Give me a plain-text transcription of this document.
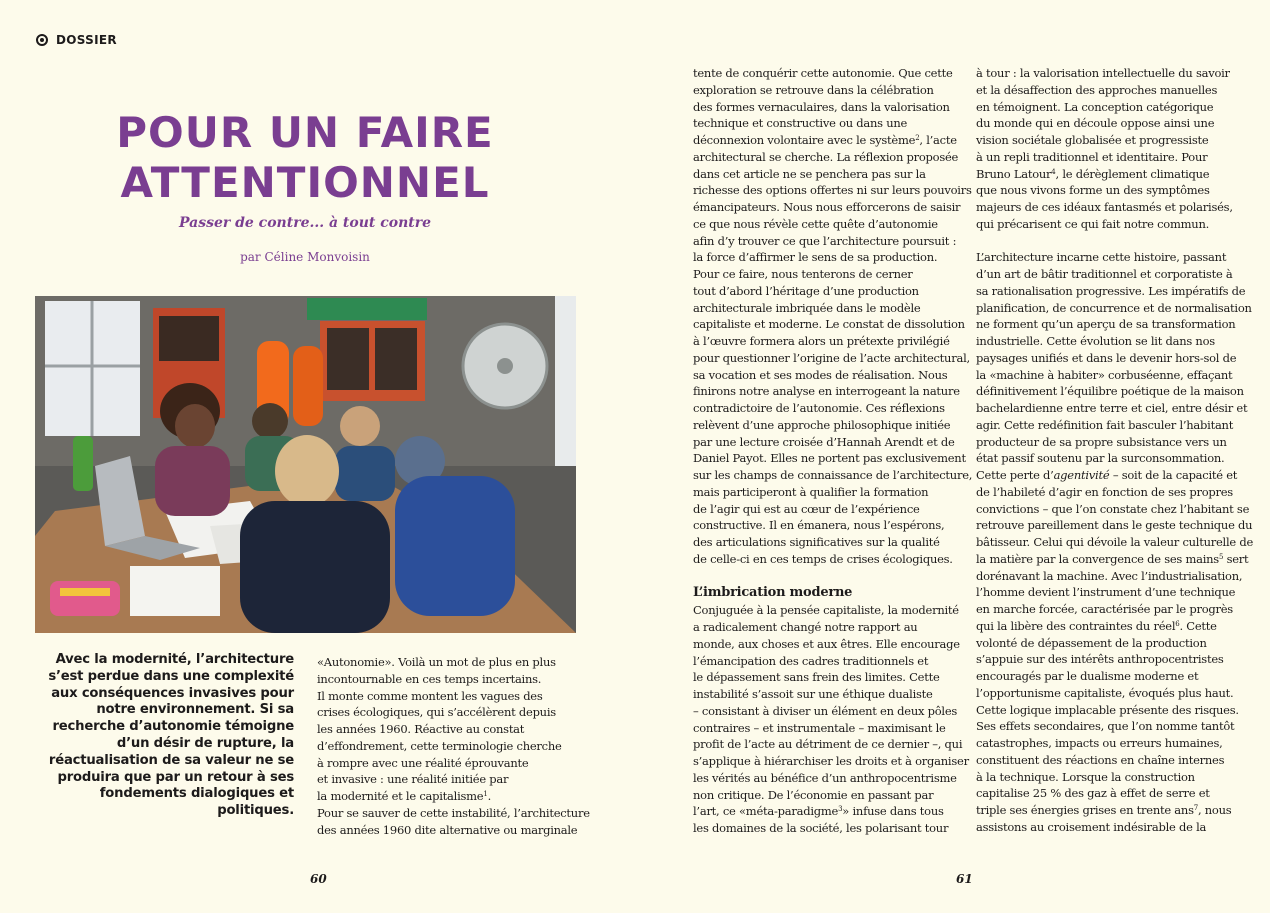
DOSSIER
POUR UN FAIRE
ATTENTIONNEL
Passer de contre... à tout contre
par Céline Monvoisin
Avec la modernité, l’architecture s’est perdue dans une complexité aux conséquences invasives pour notre environnement. Si sa recherche d’autonomie témoigne d’un désir de rupture, la réactualisation de sa valeur ne se produira que par un retour à ses fondements dialogiques et politiques.
«Autonomie». Voilà un mot de plus en plus
incontournable en ces temps incertains.
Il monte comme montent les vagues des
crises écologiques, qui s’accélèrent depuis
les années 1960. Réactive au constat
d’effondrement, cette terminologie cherche
à rompre avec une réalité éprouvante
et invasive : une réalité initiée par
la modernité et le capitalisme$^1$.
Pour se sauver de cette instabilité, l’architecture
des années 1960 dite alternative ou marginale
60
tente de conquérir cette autonomie. Que cette
exploration se retrouve dans la célébration
des formes vernaculaires, dans la valorisation
technique et constructive ou dans une
déconnexion volontaire avec le système$^2$, l’acte
architectural se cherche. La réflexion proposée
dans cet article ne se penchera pas sur la
richesse des options offertes ni sur leurs pouvoirs
émancipateurs. Nous nous efforcerons de saisir
ce que nous révèle cette quête d’autonomie
afin d’y trouver ce que l’architecture poursuit :
la force d’affirmer le sens de sa production.
Pour ce faire, nous tenterons de cerner
tout d’abord l’héritage d’une production
architecturale imbriquée dans le modèle
capitaliste et moderne. Le constat de dissolution
à l’œuvre formera alors un prétexte privilégié
pour questionner l’origine de l’acte architectural,
sa vocation et ses modes de réalisation. Nous
finirons notre analyse en interrogeant la nature
contradictoire de l’autonomie. Ces réflexions
relèvent d’une approche philosophique initiée
par une lecture croisée d’Hannah Arendt et de
Daniel Payot. Elles ne portent pas exclusivement
sur les champs de connaissance de l’architecture,
mais participeront à qualifier la formation
de l’agir qui est au cœur de l’expérience
constructive. Il en émanera, nous l’espérons,
des articulations significatives sur la qualité
de celle-ci en ces temps de crises écologiques.
L’imbrication moderne
Conjuguée à la pensée capitaliste, la modernité
a radicalement changé notre rapport au
monde, aux choses et aux êtres. Elle encourage
l’émancipation des cadres traditionnels et
le dépassement sans frein des limites. Cette
instabilité s’assoit sur une éthique dualiste
– consistant à diviser un élément en deux pôles
contraires – et instrumentale – maximisant le
profit de l’acte au détriment de ce dernier –, qui
s’applique à hiérarchiser les droits et à organiser
les vérités au bénéfice d’un anthropocentrisme
non critique. De l’économie en passant par
l’art, ce «méta-paradigme$^3$» infuse dans tous
les domaines de la société, les polarisant tour
à tour : la valorisation intellectuelle du savoir
et la désaffection des approches manuelles
en témoignent. La conception catégorique
du monde qui en découle oppose ainsi une
vision sociétale globalisée et progressiste
à un repli traditionnel et identitaire. Pour
Bruno Latour$^4$, le dérèglement climatique
que nous vivons forme un des symptômes
majeurs de ces idéaux fantasmés et polarisés,
qui précarisent ce qui fait notre commun.
L’architecture incarne cette histoire, passant
d’un art de bâtir traditionnel et corporatiste à
sa rationalisation progressive. Les impératifs de
planification, de concurrence et de normalisation
ne forment qu’un aperçu de sa transformation
industrielle. Cette évolution se lit dans nos
paysages unifiés et dans le devenir hors-sol de
la «machine à habiter» corbuséenne, effaçant
définitivement l’équilibre poétique de la maison
bachelardienne entre terre et ciel, entre désir et
agir. Cette redéfinition fait basculer l’habitant
producteur de sa propre subsistance vers un
état passif soutenu par la surconsommation.
Cette perte d’agentivité – soit de la capacité et
de l’habileté d’agir en fonction de ses propres
convictions – que l’on constate chez l’habitant se
retrouve pareillement dans le geste technique du
bâtisseur. Celui qui dévoile la valeur culturelle de
la matière par la convergence de ses mains$^5$ sert
dorénavant la machine. Avec l’industrialisation,
l’homme devient l’instrument d’une technique
en marche forcée, caractérisée par le progrès
qui la libère des contraintes du réel$^6$. Cette
volonté de dépassement de la production
s’appuie sur des intérêts anthropocentristes
encouragés par le dualisme moderne et
l’opportunisme capitaliste, évoqués plus haut.
Cette logique implacable présente des risques.
Ses effets secondaires, que l’on nomme tantôt
catastrophes, impacts ou erreurs humaines,
constituent des réactions en chaîne internes
à la technique. Lorsque la construction
capitalise 25 % des gaz à effet de serre et
triple ses énergies grises en trente ans$^7$, nous
assistons au croisement indésirable de la
61
